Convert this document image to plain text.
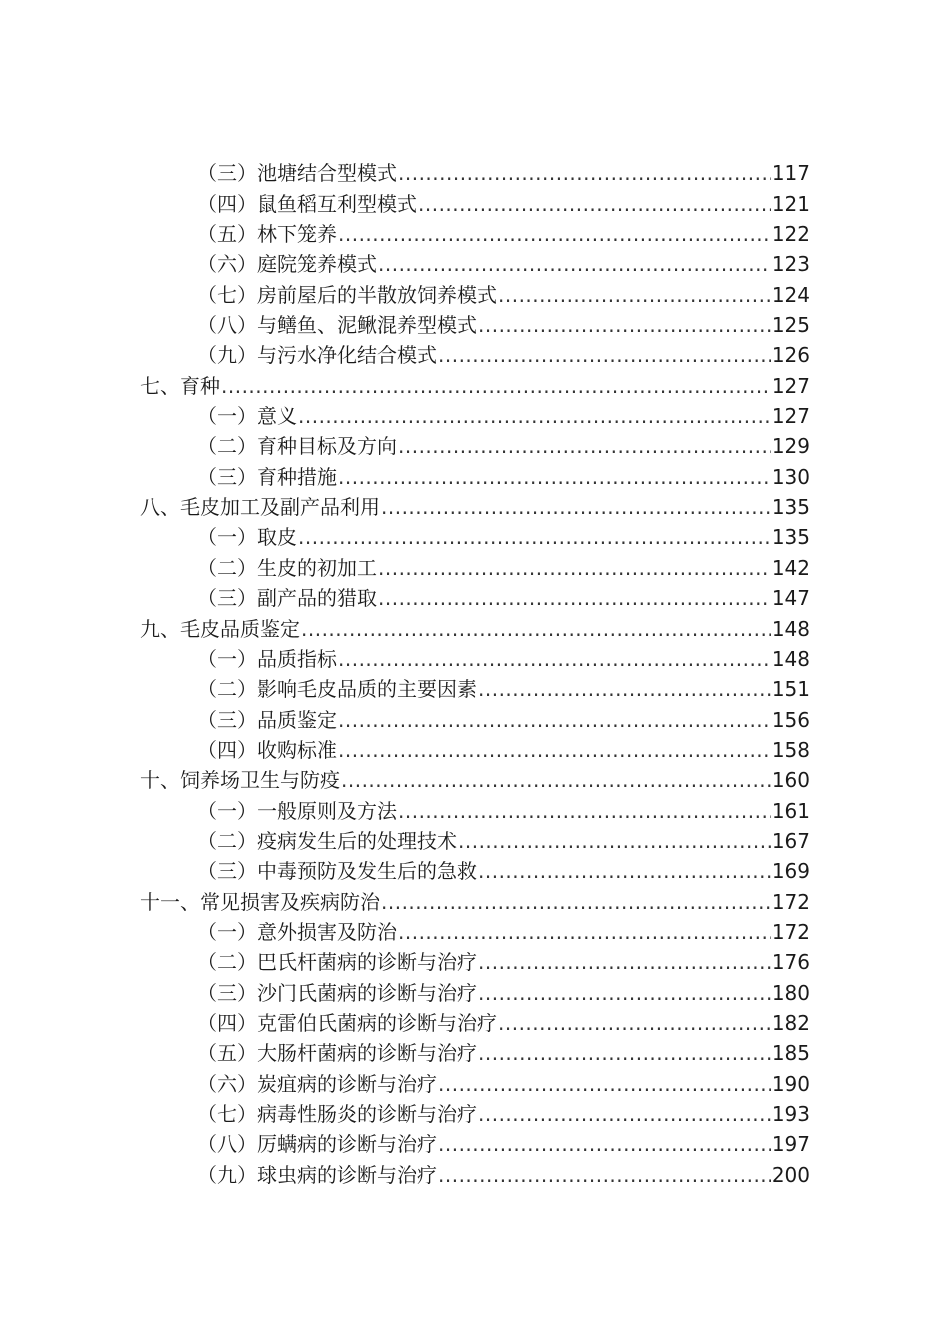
（三）池塘结合型模式 .....	117
（四）鼠鱼稻互利型模式 .....	121
（五）林下笼养 .....	122
（六）庭院笼养模式 .....	123
（七）房前屋后的半散放饲养模式 .....	124
（八）与鳝鱼、泥鳅混养型模式 .....	125
（九）与污水净化结合模式 .....	126
七、育种 .....	127
（一）意义 .....	127
（二）育种目标及方向 .....	129
（三）育种措施 .....	130
八、毛皮加工及副产品利用 .....	135
（一）取皮 .....	135
（二）生皮的初加工 .....	142
（三）副产品的猎取 .....	147
九、毛皮品质鉴定 .....	148
（一）品质指标 .....	148
（二）影响毛皮品质的主要因素 .....	151
（三）品质鉴定 .....	156
（四）收购标准 .....	158
十、饲养场卫生与防疫 .....	160
（一）一般原则及方法 .....	161
（二）疫病发生后的处理技术 .....	167
（三）中毒预防及发生后的急救 .....	169
十一、常见损害及疾病防治 .....	172
（一）意外损害及防治 .....	172
（二）巴氏杆菌病的诊断与治疗 .....	176
（三）沙门氏菌病的诊断与治疗 .....	180
（四）克雷伯氏菌病的诊断与治疗 .....	182
（五）大肠杆菌病的诊断与治疗 .....	185
（六）炭疽病的诊断与治疗 .....	190
（七）病毒性肠炎的诊断与治疗 .....	193
（八）厉螨病的诊断与治疗 .....	197
（九）球虫病的诊断与治疗 .....	200
